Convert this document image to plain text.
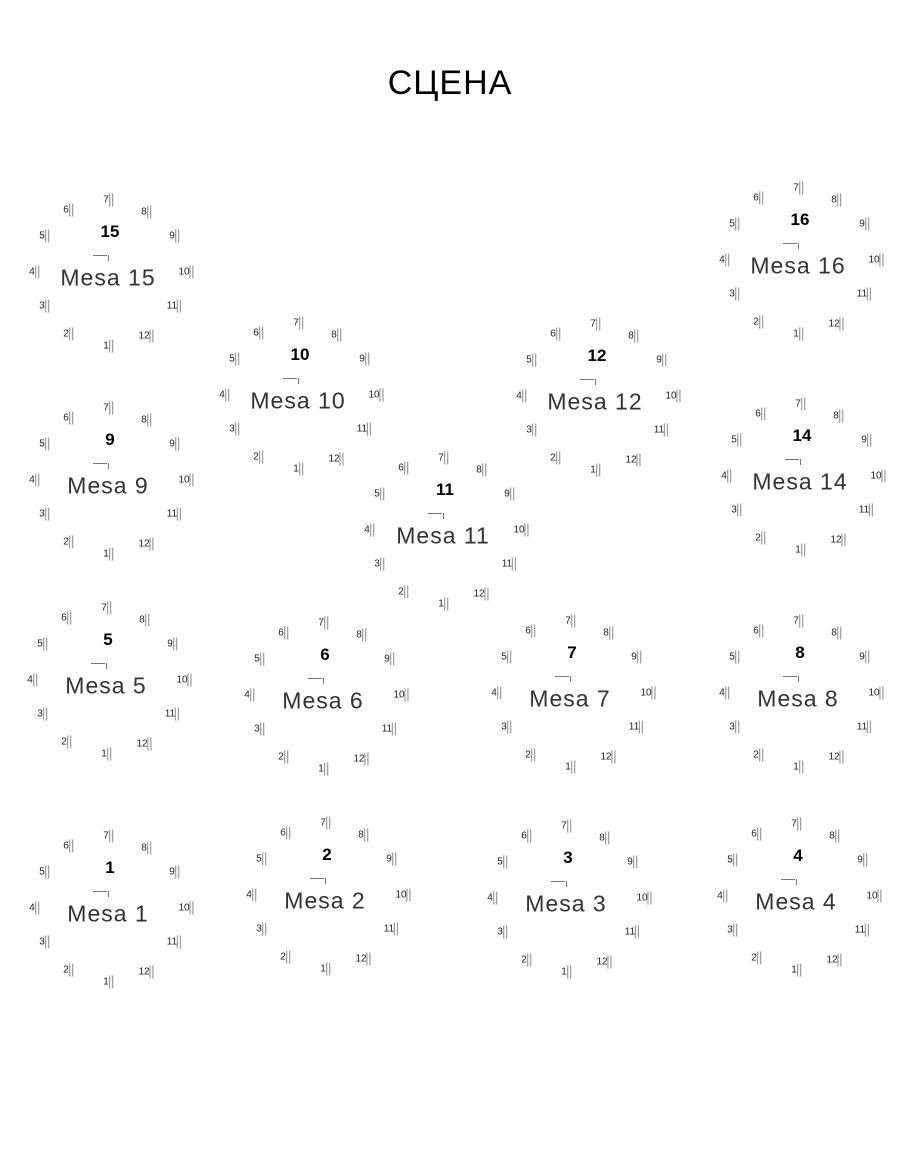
СЦЕНА
15
Mesa 15
1
2
3
4
5
6
7
8
9
10
11
12
16
Mesa 16
1
2
3
4
5
6
7
8
9
10
11
12
10
Mesa 10
1
2
3
4
5
6
7
8
9
10
11
12
12
Mesa 12
1
2
3
4
5
6
7
8
9
10
11
12
9
Mesa 9
1
2
3
4
5
6
7
8
9
10
11
12
14
Mesa 14
1
2
3
4
5
6
7
8
9
10
11
12
11
Mesa 11
1
2
3
4
5
6
7
8
9
10
11
12
5
Mesa 5
1
2
3
4
5
6
7
8
9
10
11
12
6
Mesa 6
1
2
3
4
5
6
7
8
9
10
11
12
7
Mesa 7
1
2
3
4
5
6
7
8
9
10
11
12
8
Mesa 8
1
2
3
4
5
6
7
8
9
10
11
12
1
Mesa 1
1
2
3
4
5
6
7
8
9
10
11
12
2
Mesa 2
1
2
3
4
5
6
7
8
9
10
11
12
3
Mesa 3
1
2
3
4
5
6
7
8
9
10
11
12
4
Mesa 4
1
2
3
4
5
6
7
8
9
10
11
12
